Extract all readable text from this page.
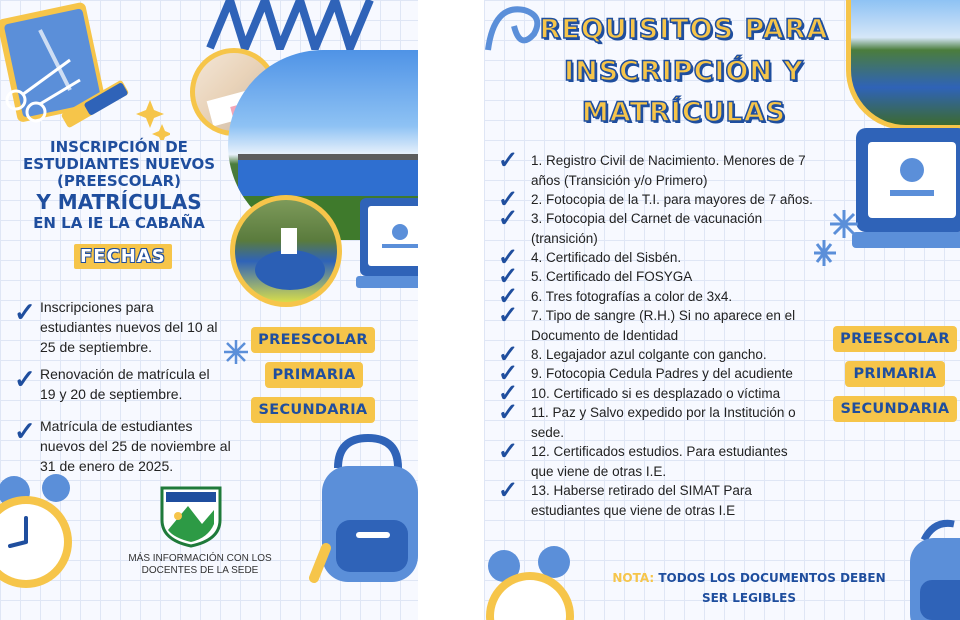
INSCRIPCIÓN DE
ESTUDIANTES NUEVOS
(PREESCOLAR)
Y MATRÍCULAS
EN LA IE LA CABAÑA
FECHAS
✓ Inscripciones para
estudiantes nuevos del 10 al
25 de septiembre.
✓ Renovación de matrícula el
19 y 20 de septiembre.
✓ Matrícula de estudiantes
nuevos del 25 de noviembre al
31 de enero de 2025.
PREESCOLAR
PRIMARIA
SECUNDARIA
MÁS INFORMACIÓN CON LOS
DOCENTES DE LA SEDE
REQUISITOS PARA
INSCRIPCIÓN Y
MATRÍCULAS
✓ 1. Registro Civil de Nacimiento. Menores de 7
años (Transición y/o Primero)
✓ 2. Fotocopia de la T.I. para mayores de 7 años.
✓ 3. Fotocopia del Carnet de vacunación
(transición)
✓ 4. Certificado del Sisbén.
✓ 5. Certificado del FOSYGA
✓ 6. Tres fotografías a color de 3x4.
✓ 7. Tipo de sangre (R.H.) Si no aparece en el
Documento de Identidad
✓ 8. Legajador azul colgante con gancho.
✓ 9. Fotocopia Cedula Padres y del acudiente
✓ 10. Certificado si es desplazado o víctima
✓ 11. Paz y Salvo expedido por la Institución o
sede.
✓ 12. Certificados estudios. Para estudiantes
que viene de otras I.E.
✓ 13. Haberse retirado del SIMAT Para
estudiantes que viene de otras I.E
PREESCOLAR
PRIMARIA
SECUNDARIA
NOTA: TODOS LOS DOCUMENTOS DEBEN
SER LEGIBLES
